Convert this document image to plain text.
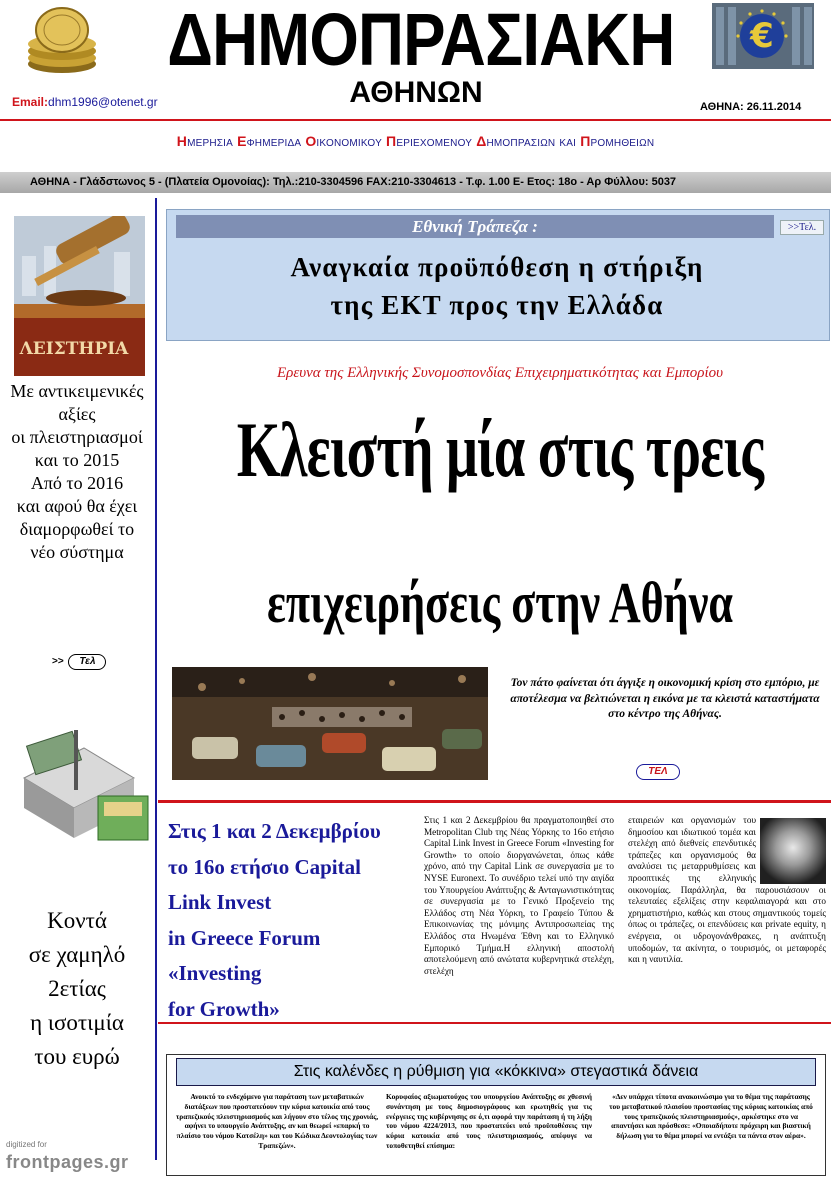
ΔΗΜΟΠΡΑΣΙΑΚΗ
ΑΘΗΝΩΝ
€
Email:dhm1996@otenet.gr	ΑΘΗΝΑ: 26.11.2014
Ημερησια Εφημεριδα Οικονομικου Περιεχομενου Δημοπρασιων και Προμηθειων
ΑΘΗΝΑ - Γλάδστωνος 5 - (Πλατεία Ομονοίας): Τηλ.:210-3304596 FAX:210-3304613 - Τ.φ. 1.00 Ε- Ετος: 18ο - Αρ Φύλλου: 5037
ΛΕΙΣΤΗΡΙΑ
Με αντικειμενικές
αξίες
οι πλειστηριασμοί
και το 2015
Από το 2016
και αφού θα έχει
διαμορφωθεί το
νέο σύστημα
>> Τελ
Κοντά
σε χαμηλό
2ετίας
η ισοτιμία
του ευρώ
Εθνική Τράπεζα :	>>Τελ.
Αναγκαία προϋπόθεση η στήριξη
της ΕΚΤ προς την Ελλάδα
Ερευνα της Ελληνικής Συνομοσπονδίας Επιχειρηματικότητας και Εμπορίου
Κλειστή μία στις τρεις
επιχειρήσεις στην Αθήνα
Τον πάτο φαίνεται ότι άγγιξε η οικονομική κρίση στο εμπόριο, με αποτέλεσμα να βελτιώνεται η εικόνα με τα κλειστά καταστήματα στο κέντρο της Αθήνας.
ΤΕΛ
Στις 1 και 2 Δεκεμβρίου
το 16ο ετήσιο Capital
Link Invest
in Greece Forum
«Investing
for Growth»
Στις 1 και 2 Δεκεμβρίου θα πραγματοποιηθεί στο Metropolitan Club της Νέας Υόρκης το 16ο ετήσιο Capital Link Invest in Greece Forum «Investing for Growth» το οποίο διοργανώνεται, όπως κάθε χρόνο, από την Capital Link σε συνεργασία με το NYSE Euronext. Το συνέδριο τελεί υπό την αιγίδα του Υπουργείου Ανάπτυξης & Ανταγωνιστικότητας σε συνεργασία με το Γενικό Προξενείο της Ελλάδος στη Νέα Υόρκη, το Γραφείο Τύπου & Επικοινωνίας της μόνιμης Αντιπροσωπείας της Ελλάδος στα Ηνωμένα Έθνη και το Ελληνικό Εμπορικό Τμήμα.Η ελληνική αποστολή αποτελούμενη από ανώτατα κυβερνητικά στελέχη, στελέχη
εταιρειών και οργανισμών του δημοσίου και ιδιωτικού τομέα και στελέχη από διεθνείς επενδυτικές τράπεζες και οργανισμούς θα αναλύσει τις μεταρρυθμίσεις και προοπτικές της ελληνικής οικονομίας. Παράλληλα, θα παρουσιάσουν οι τελευταίες εξελίξεις στην κεφαλαιαγορά και στο χρηματιστήριο, καθώς και στους σημαντικούς τομείς όπως οι τράπεζες, οι επενδύσεις και private equity, η ενέργεια, οι υδρογονάνθρακες, η ανάπτυξη υποδομών, τα ακίνητα, ο τουρισμός, οι μεταφορές και η ναυτιλία.
Στις καλένδες η ρύθμιση για «κόκκινα» στεγαστικά δάνεια
Ανοικτό το ενδεχόμενο για παράταση των μεταβατικών διατάξεων που προστατεύουν την κύρια κατοικία από τους τραπεζικούς πλειστηριασμούς και λήγουν στο τέλος της χρονιάς, αφήνει το υπουργείο Ανάπτυξης, αν και θεωρεί «επαρκή το πλαίσιο του νόμου Κατσέλη» και του Κώδικα Δεοντολογίας των Τραπεζών».
Κορυφαίος αξιωματούχος του υπουργείου Ανάπτυξης σε χθεσινή συνάντηση με τους δημοσιογράφους και ερωτηθείς για τις ενέργειες της κυβέρνησης σε ό,τι αφορά την παράταση ή τη λήξη του νόμου 4224/2013, που προστατεύει υπό προϋποθέσεις την κύρια κατοικία από τους πλειστηριασμούς, απέφυγε να τοποθετηθεί επίσημα:
«Δεν υπάρχει τίποτα ανακοινώσιμο για το θέμα της παράτασης του μεταβατικού πλαισίου προστασίας της κύριας κατοικίας από τους τραπεζικούς πλειστηριασμούς», αρκέστηκε στο να απαντήσει και πρόσθεσε: «Οποιαδήποτε πρόχειρη και βιαστική δήλωση για το θέμα μπορεί να εντάξει τα πάντα στον αέρα».
digitized for
frontpages.gr
